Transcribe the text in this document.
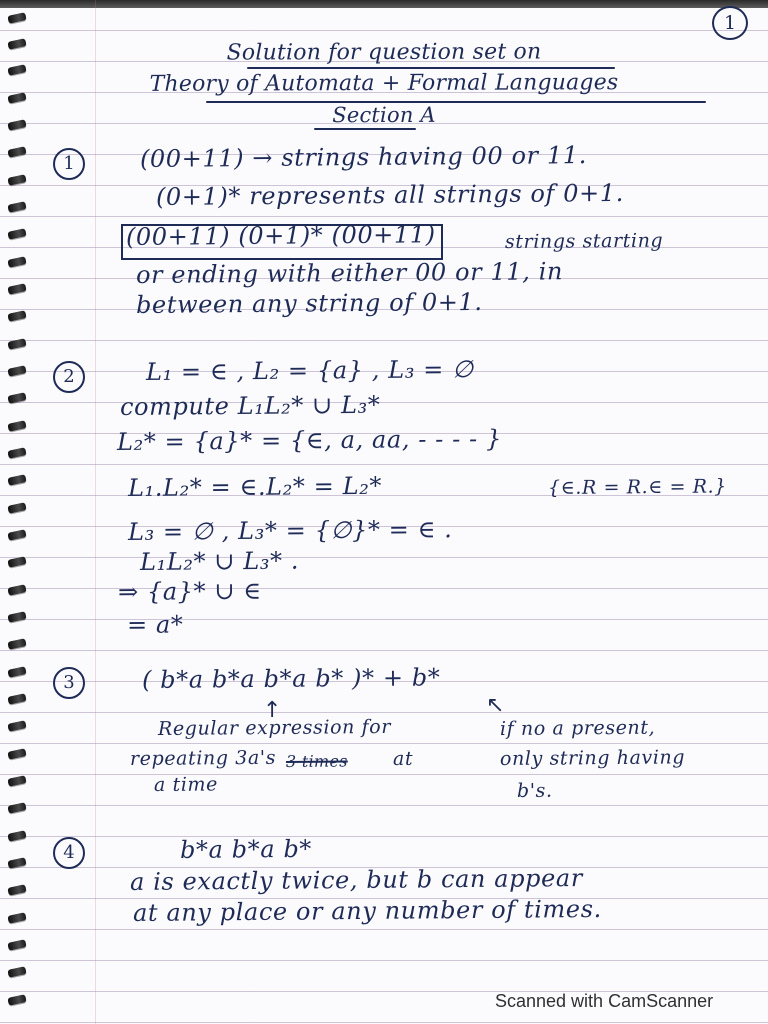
1
Solution for question set on
Theory of Automata + Formal Languages
Section A
1	(00+11) → strings having 00 or 11.
(0+1)* represents all strings of 0+1.
(00+11) (0+1)* (00+11)	strings starting
or ending with either 00 or 11, in
between any string of 0+1.
2	L₁ = ∈ , L₂ = {a} , L₃ = ∅
compute L₁L₂* ∪ L₃*
L₂* = {a}* = {∈, a, aa, - - - - }
L₁.L₂* = ∈.L₂* = L₂*	{∈.R = R.∈ = R.}
L₃ = ∅ , L₃* = {∅}* = ∈ .
L₁L₂* ∪ L₃* .
⇒ {a}* ∪ ∈
= a*
3	( b*a b*a b*a b* )* + b*
↑	↖
Regular expression for
repeating 3a's 3 times at
a time
if no a present,
only string having
b's.
4	b*a b*a b*
a is exactly twice, but b can appear
at any place or any number of times.
Scanned with CamScanner
